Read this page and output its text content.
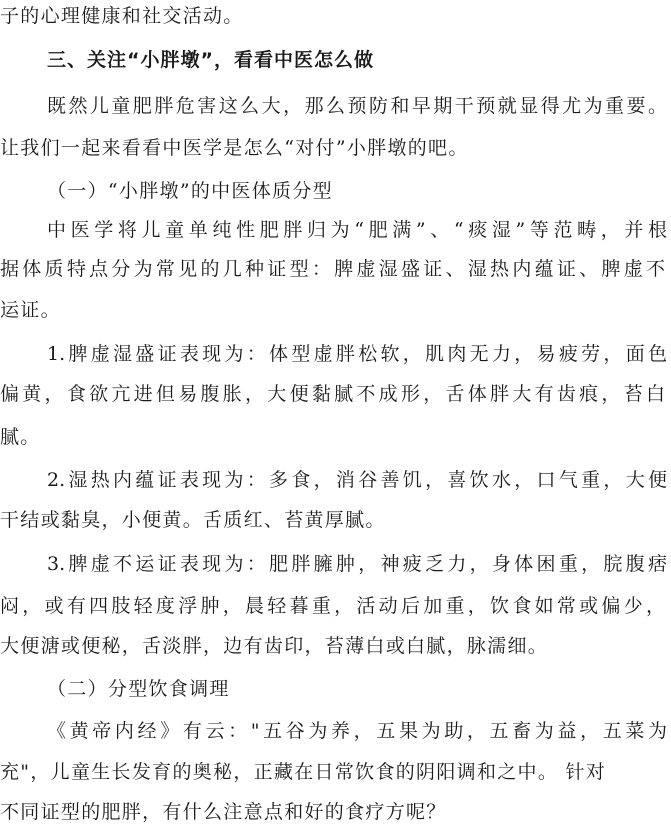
子的心理健康和社交活动。
三、关注“小胖墩”，看看中医怎么做
既然儿童肥胖危害这么大，那么预防和早期干预就显得尤为重要。
让我们一起来看看中医学是怎么“对付”小胖墩的吧。
（一）“小胖墩”的中医体质分型
中医学将儿童单纯性肥胖归为“肥满”、“痰湿”等范畴，并根
据体质特点分为常见的几种证型：脾虚湿盛证、湿热内蕴证、脾虚不
运证。
1.脾虚湿盛证表现为：体型虚胖松软，肌肉无力，易疲劳，面色
偏黄，食欲亢进但易腹胀，大便黏腻不成形，舌体胖大有齿痕，苔白
腻。
2.湿热内蕴证表现为：多食，消谷善饥，喜饮水，口气重，大便
干结或黏臭，小便黄。舌质红、苔黄厚腻。
3.脾虚不运证表现为：肥胖臃肿，神疲乏力，身体困重，脘腹痞
闷，或有四肢轻度浮肿，晨轻暮重，活动后加重，饮食如常或偏少，
大便溏或便秘，舌淡胖，边有齿印，苔薄白或白腻，脉濡细。
（二）分型饮食调理
《黄帝内经》有云："五谷为养，五果为助，五畜为益，五菜为
充"，儿童生长发育的奥秘，正藏在日常饮食的阴阳调和之中。 针对
不同证型的肥胖，有什么注意点和好的食疗方呢？
